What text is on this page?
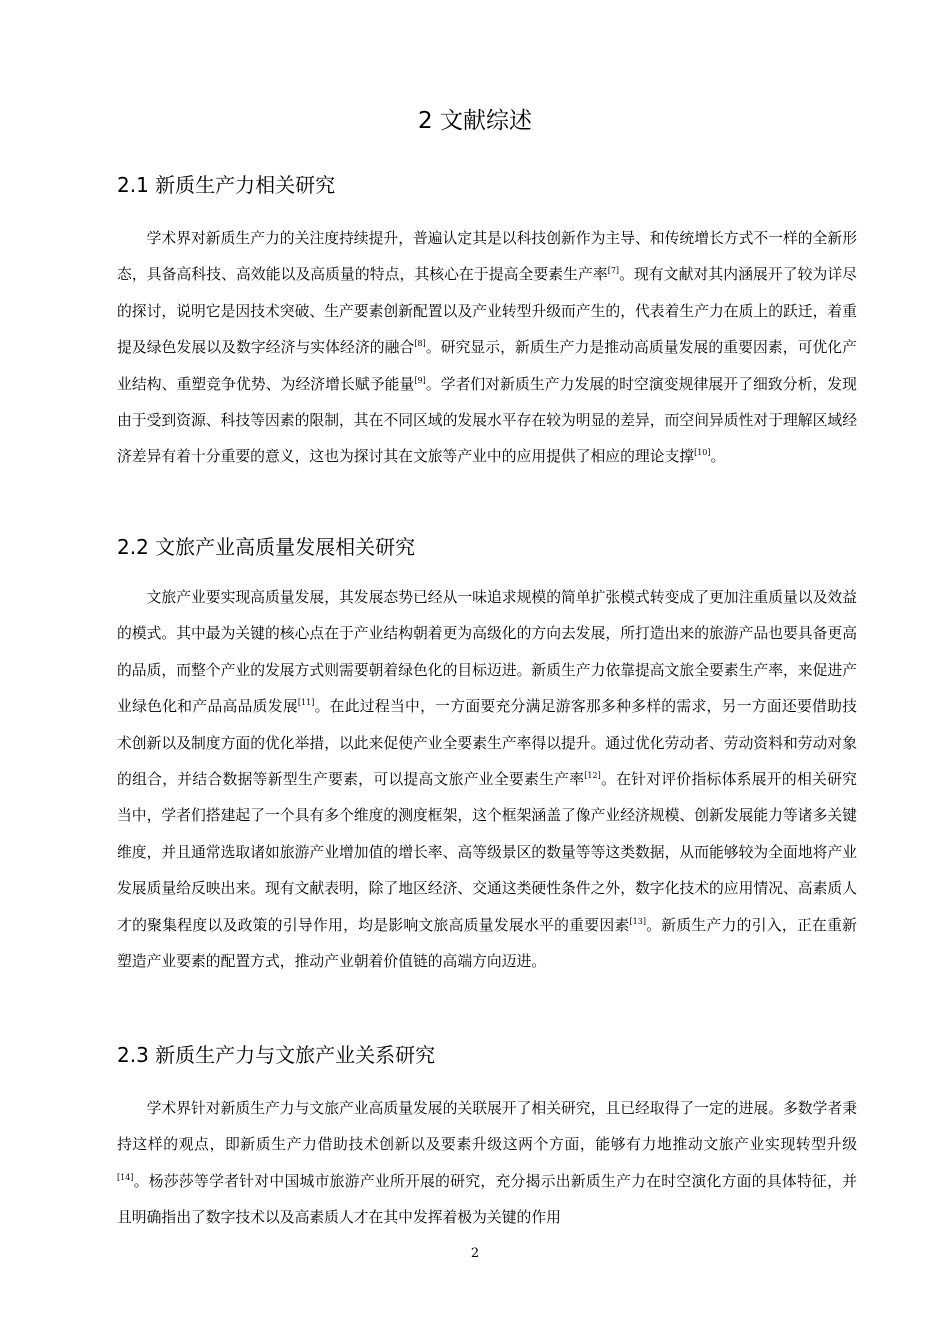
2 文献综述
2.1 新质生产力相关研究

学术界对新质生产力的关注度持续提升，普遍认定其是以科技创新作为主导、和传统增长方式不一样的全新形态，具备高科技、高效能以及高质量的特点，其核心在于提高全要素生产率[7]。现有文献对其内涵展开了较为详尽的探讨，说明它是因技术突破、生产要素创新配置以及产业转型升级而产生的，代表着生产力在质上的跃迁，着重提及绿色发展以及数字经济与实体经济的融合[8]。研究显示，新质生产力是推动高质量发展的重要因素，可优化产业结构、重塑竞争优势、为经济增长赋予能量[9]。学者们对新质生产力发展的时空演变规律展开了细致分析，发现由于受到资源、科技等因素的限制，其在不同区域的发展水平存在较为明显的差异，而空间异质性对于理解区域经济差异有着十分重要的意义，这也为探讨其在文旅等产业中的应用提供了相应的理论支撑[10]。

2.2 文旅产业高质量发展相关研究

文旅产业要实现高质量发展，其发展态势已经从一味追求规模的简单扩张模式转变成了更加注重质量以及效益的模式。其中最为关键的核心点在于产业结构朝着更为高级化的方向去发展，所打造出来的旅游产品也要具备更高的品质，而整个产业的发展方式则需要朝着绿色化的目标迈进。新质生产力依靠提高文旅全要素生产率，来促进产业绿色化和产品高品质发展[11]。在此过程当中，一方面要充分满足游客那多种多样的需求，另一方面还要借助技术创新以及制度方面的优化举措，以此来促使产业全要素生产率得以提升。通过优化劳动者、劳动资料和劳动对象的组合，并结合数据等新型生产要素，可以提高文旅产业全要素生产率[12]。在针对评价指标体系展开的相关研究当中，学者们搭建起了一个具有多个维度的测度框架，这个框架涵盖了像产业经济规模、创新发展能力等诸多关键维度，并且通常选取诸如旅游产业增加值的增长率、高等级景区的数量等等这类数据，从而能够较为全面地将产业发展质量给反映出来。现有文献表明，除了地区经济、交通这类硬性条件之外，数字化技术的应用情况、高素质人才的聚集程度以及政策的引导作用，均是影响文旅高质量发展水平的重要因素[13]。新质生产力的引入，正在重新塑造产业要素的配置方式，推动产业朝着价值链的高端方向迈进。

2.3 新质生产力与文旅产业关系研究

学术界针对新质生产力与文旅产业高质量发展的关联展开了相关研究，且已经取得了一定的进展。多数学者秉持这样的观点，即新质生产力借助技术创新以及要素升级这两个方面，能够有力地推动文旅产业实现转型升级[14]。杨莎莎等学者针对中国城市旅游产业所开展的研究，充分揭示出新质生产力在时空演化方面的具体特征，并且明确指出了数字技术以及高素质人才在其中发挥着极为关键的作用

2
